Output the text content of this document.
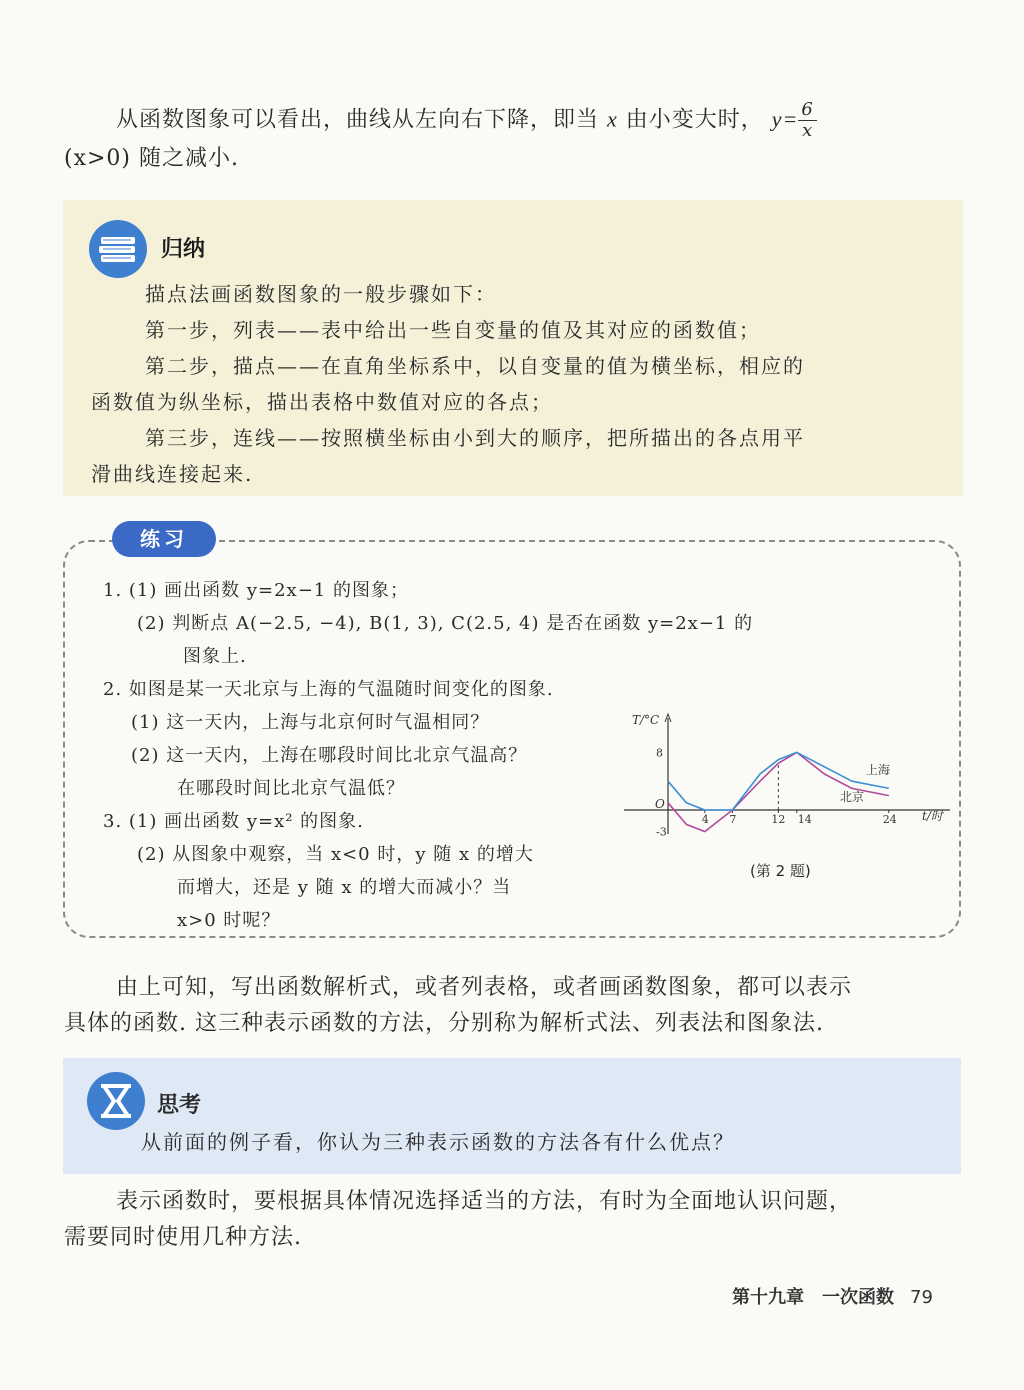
从函数图象可以看出，曲线从左向右下降，即当 x 由小变大时， $y= \frac{6}{x}$
(x>0) 随之减小.
归纳
描点法画函数图象的一般步骤如下：
第一步，列表——表中给出一些自变量的值及其对应的函数值；
第二步，描点——在直角坐标系中，以自变量的值为横坐标，相应的
函数值为纵坐标，描出表格中数值对应的各点；
第三步，连线——按照横坐标由小到大的顺序，把所描出的各点用平
滑曲线连接起来.
1. (1) 画出函数 y=2x−1 的图象；
(2) 判断点 A(−2.5, −4), B(1, 3), C(2.5, 4) 是否在函数 y=2x−1 的
图象上.
2. 如图是某一天北京与上海的气温随时间变化的图象.
(1) 这一天内，上海与北京何时气温相同？
(2) 这一天内，上海在哪段时间比北京气温高？
在哪段时间比北京气温低？
3. (1) 画出函数 y=x² 的图象.
(2) 从图象中观察，当 x<0 时，y 随 x 的增大
而增大，还是 y 随 x 的增大而减小？当
x>0 时呢？
练习
T/°C
t/时
O
8
-3
4 7	12 14	24
上海
北京
(第 2 题)
由上可知，写出函数解析式，或者列表格，或者画函数图象，都可以表示
具体的函数. 这三种表示函数的方法，分别称为解析式法、列表法和图象法.
思考
从前面的例子看，你认为三种表示函数的方法各有什么优点？
表示函数时，要根据具体情况选择适当的方法，有时为全面地认识问题，
需要同时使用几种方法.
第十九章　一次函数 79
